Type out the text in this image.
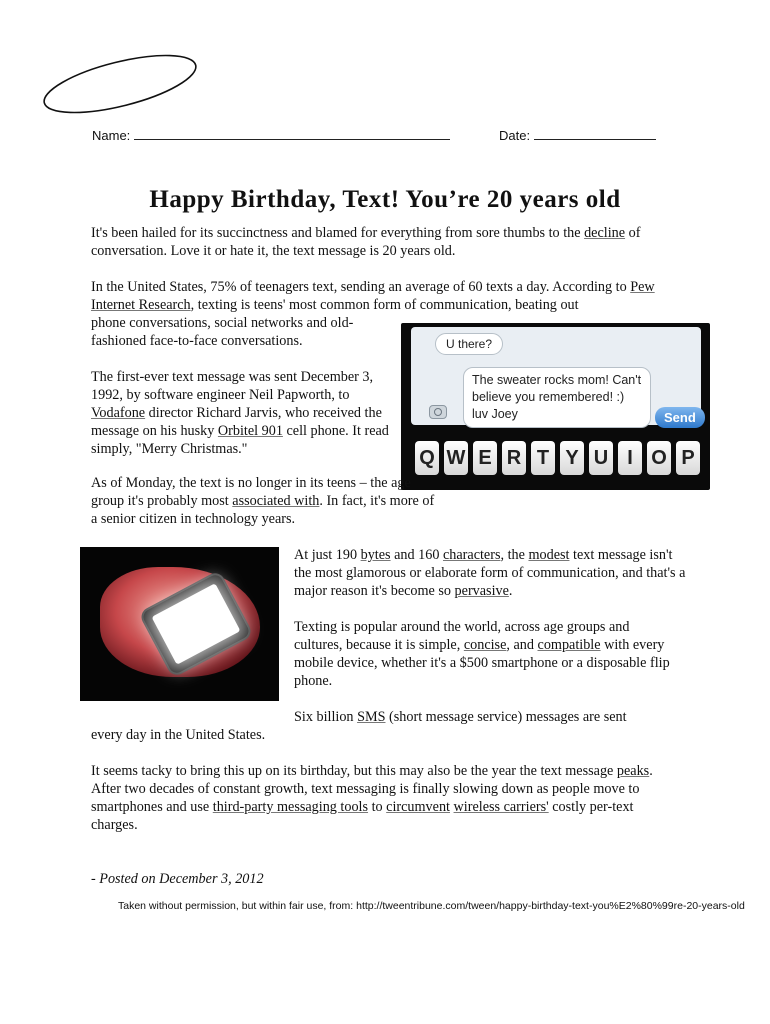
Name:	Date:
Happy Birthday, Text! You’re 20 years old

It's been hailed for its succinctness and blamed for everything from sore thumbs to the decline of conversation. Love it or hate it, the text message is 20 years old.

In the United States, 75% of teenagers text, sending an average of 60 texts a day. According to Pew Internet Research, texting is teens' most common form of communication, beating out
phone conversations, social networks and old-fashioned face-to-face conversations.	U there?
The sweater rocks mom! Can't believe you remembered! :) luv Joey	Send
Q W E R T Y U I O P

The first-ever text message was sent December 3, 1992, by software engineer Neil Papworth, to Vodafone director Richard Jarvis, who received the message on his husky Orbitel 901 cell phone. It read simply, "Merry Christmas."

As of Monday, the text is no longer in its teens – the age group it's probably most associated with. In fact, it's more of a senior citizen in technology years.

At just 190 bytes and 160 characters, the modest text message isn't the most glamorous or elaborate form of communication, and that's a major reason it's become so pervasive.

Texting is popular around the world, across age groups and cultures, because it is simple, concise, and compatible with every mobile device, whether it's a $500 smartphone or a disposable flip phone.

Six billion SMS (short message service) messages are sent

every day in the United States.

It seems tacky to bring this up on its birthday, but this may also be the year the text message peaks. After two decades of constant growth, text messaging is finally slowing down as people move to smartphones and use third-party messaging tools to circumvent wireless carriers' costly per-text charges.

- Posted on December 3, 2012
Taken without permission, but within fair use, from: http://tweentribune.com/tween/happy-birthday-text-you%E2%80%99re-20-years-old
